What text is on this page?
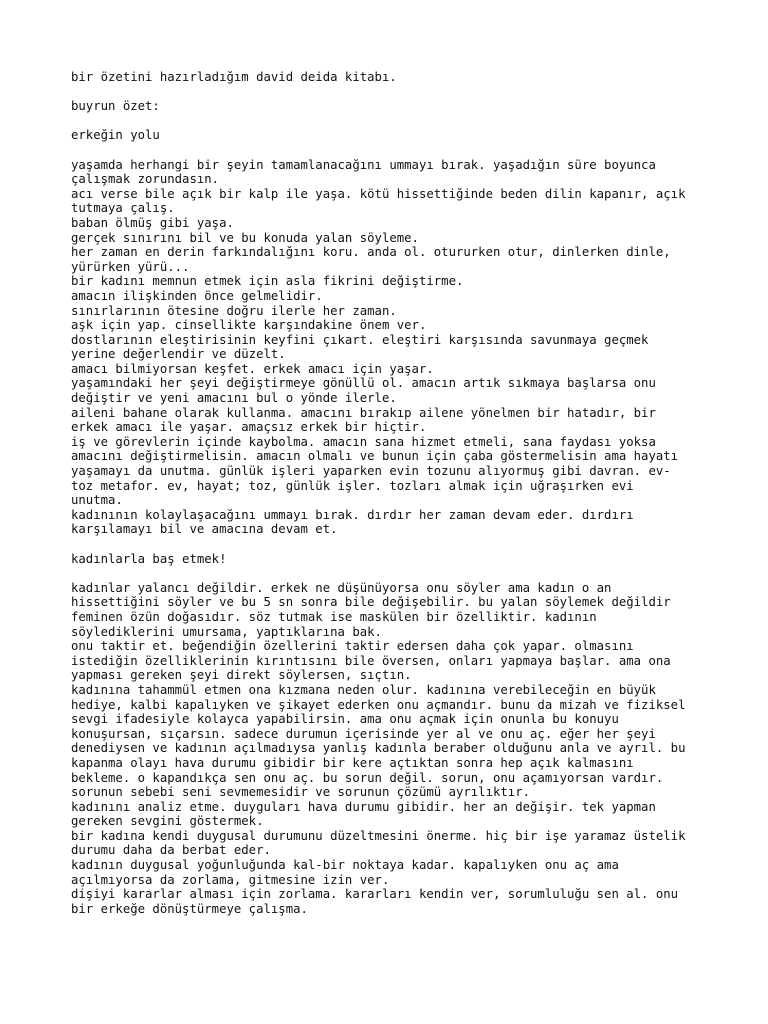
bir özetini hazırladığım david deida kitabı.

buyrun özet:

erkeğin yolu

yaşamda herhangi bir şeyin tamamlanacağını ummayı bırak. yaşadığın süre boyunca
çalışmak zorundasın.
acı verse bile açık bir kalp ile yaşa. kötü hissettiğinde beden dilin kapanır, açık
tutmaya çalış.
baban ölmüş gibi yaşa.
gerçek sınırını bil ve bu konuda yalan söyleme.
her zaman en derin farkındalığını koru. anda ol. otururken otur, dinlerken dinle,
yürürken yürü...
bir kadını memnun etmek için asla fikrini değiştirme.
amacın ilişkinden önce gelmelidir.
sınırlarının ötesine doğru ilerle her zaman.
aşk için yap. cinsellikte karşındakine önem ver.
dostlarının eleştirisinin keyfini çıkart. eleştiri karşısında savunmaya geçmek
yerine değerlendir ve düzelt.
amacı bilmiyorsan keşfet. erkek amacı için yaşar.
yaşamındaki her şeyi değiştirmeye gönüllü ol. amacın artık sıkmaya başlarsa onu
değiştir ve yeni amacını bul o yönde ilerle.
aileni bahane olarak kullanma. amacını bırakıp ailene yönelmen bir hatadır, bir
erkek amacı ile yaşar. amaçsız erkek bir hiçtir.
iş ve görevlerin içinde kaybolma. amacın sana hizmet etmeli, sana faydası yoksa
amacını değiştirmelisin. amacın olmalı ve bunun için çaba göstermelisin ama hayatı
yaşamayı da unutma. günlük işleri yaparken evin tozunu alıyormuş gibi davran. ev-
toz metafor. ev, hayat; toz, günlük işler. tozları almak için uğraşırken evi
unutma.
kadınının kolaylaşacağını ummayı bırak. dırdır her zaman devam eder. dırdırı
karşılamayı bil ve amacına devam et.

kadınlarla baş etmek!

kadınlar yalancı değildir. erkek ne düşünüyorsa onu söyler ama kadın o an
hissettiğini söyler ve bu 5 sn sonra bile değişebilir. bu yalan söylemek değildir
feminen özün doğasıdır. söz tutmak ise maskülen bir özelliktir. kadının
söylediklerini umursama, yaptıklarına bak.
onu taktir et. beğendiğin özellerini taktir edersen daha çok yapar. olmasını
istediğin özelliklerinin kırıntısını bile översen, onları yapmaya başlar. ama ona
yapması gereken şeyi direkt söylersen, sıçtın.
kadınına tahammül etmen ona kızmana neden olur. kadınına verebileceğin en büyük
hediye, kalbi kapalıyken ve şikayet ederken onu açmandır. bunu da mizah ve fiziksel
sevgi ifadesiyle kolayca yapabilirsin. ama onu açmak için onunla bu konuyu
konuşursan, sıçarsın. sadece durumun içerisinde yer al ve onu aç. eğer her şeyi
denediysen ve kadının açılmadıysa yanlış kadınla beraber olduğunu anla ve ayrıl. bu
kapanma olayı hava durumu gibidir bir kere açtıktan sonra hep açık kalmasını
bekleme. o kapandıkça sen onu aç. bu sorun değil. sorun, onu açamıyorsan vardır.
sorunun sebebi seni sevmemesidir ve sorunun çözümü ayrılıktır.
kadınını analiz etme. duyguları hava durumu gibidir. her an değişir. tek yapman
gereken sevgini göstermek.
bir kadına kendi duygusal durumunu düzeltmesini önerme. hiç bir işe yaramaz üstelik
durumu daha da berbat eder.
kadının duygusal yoğunluğunda kal-bir noktaya kadar. kapalıyken onu aç ama
açılmıyorsa da zorlama, gitmesine izin ver.
dişiyi kararlar alması için zorlama. kararları kendin ver, sorumluluğu sen al. onu
bir erkeğe dönüştürmeye çalışma.
